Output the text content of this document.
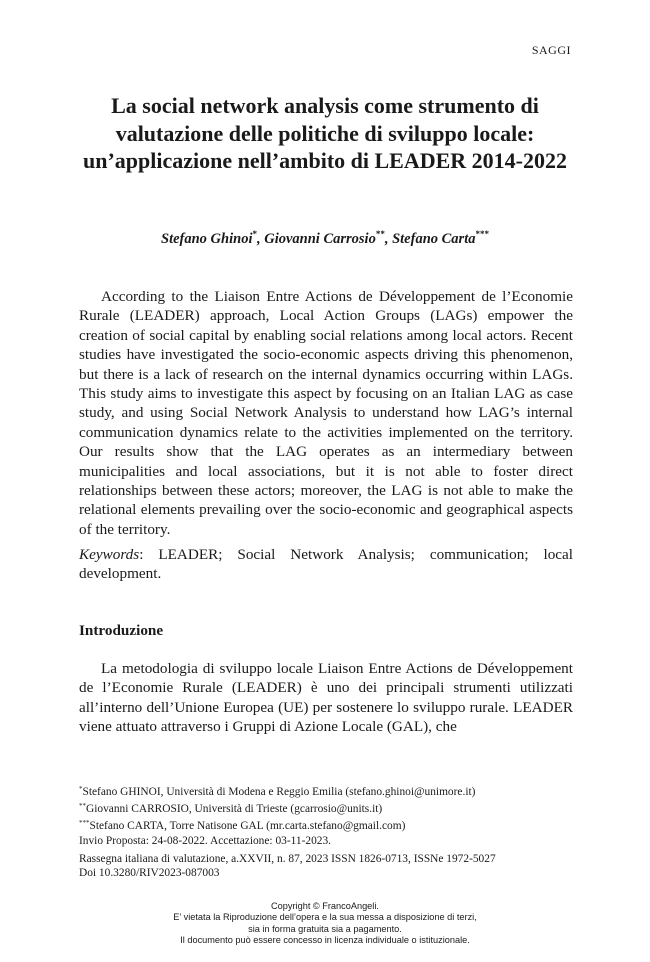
SAGGI
La social network analysis come strumento di valutazione delle politiche di sviluppo locale: un’applicazione nell’ambito di LEADER 2014-2022
Stefano Ghinoi*, Giovanni Carrosio**, Stefano Carta***

According to the Liaison Entre Actions de Développement de l’Economie Rurale (LEADER) approach, Local Action Groups (LAGs) empower the creation of social capital by enabling social relations among local actors. Recent studies have investigated the socio-economic aspects driving this phenomenon, but there is a lack of research on the internal dynamics occurring within LAGs. This study aims to investigate this aspect by focusing on an Italian LAG as case study, and using Social Network Analysis to understand how LAG’s internal communication dynamics relate to the activities implemented on the territory. Our results show that the LAG operates as an intermediary between municipalities and local associations, but it is not able to foster direct relationships between these actors; moreover, the LAG is not able to make the relational elements prevailing over the socio-economic and geographical aspects of the territory.

Keywords: LEADER; Social Network Analysis; communication; local development.

Introduzione

La metodologia di sviluppo locale Liaison Entre Actions de Développement de l’Economie Rurale (LEADER) è uno dei principali strumenti utilizzati all’interno dell’Unione Europea (UE) per sostenere lo sviluppo rurale. LEADER viene attuato attraverso i Gruppi di Azione Locale (GAL), che

*Stefano GHINOI, Università di Modena e Reggio Emilia (stefano.ghinoi@unimore.it)
**Giovanni CARROSIO, Università di Trieste (gcarrosio@units.it)
***Stefano CARTA, Torre Natisone GAL (mr.carta.stefano@gmail.com)
Invio Proposta: 24-08-2022. Accettazione: 03-11-2023.
Rassegna italiana di valutazione, a.XXVII, n. 87, 2023 ISSN 1826-0713, ISSNe 1972-5027
Doi 10.3280/RIV2023-087003
Copyright © FrancoAngeli.
E’ vietata la Riproduzione dell’opera e la sua messa a disposizione di terzi,
sia in forma gratuita sia a pagamento.
Il documento può essere concesso in licenza individuale o istituzionale.
